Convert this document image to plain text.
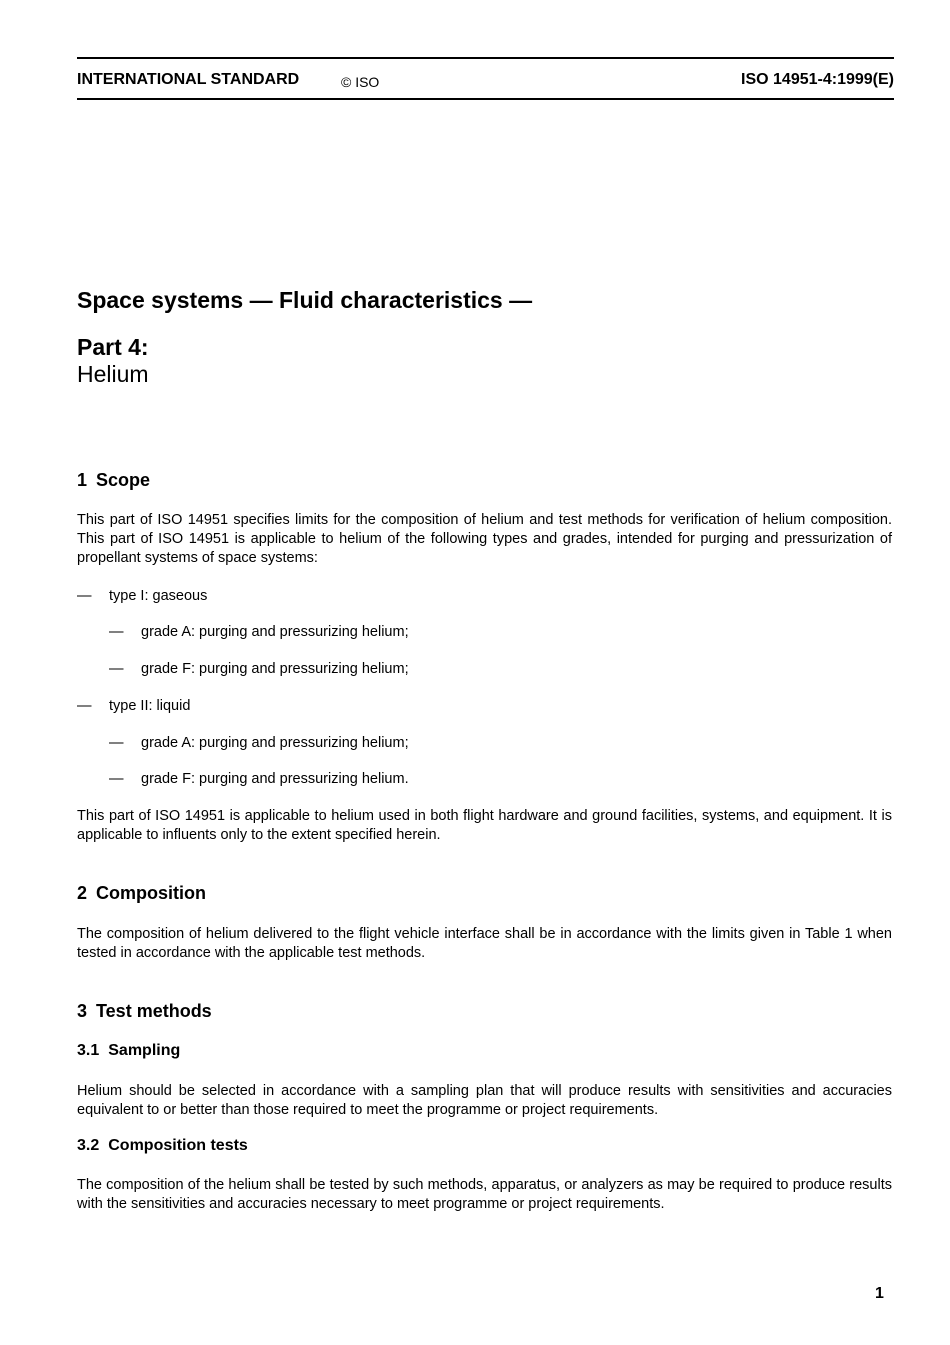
INTERNATIONAL STANDARD	© ISO	ISO 14951-4:1999(E)
Space systems — Fluid characteristics —
Part 4:
Helium
1 Scope
This part of ISO 14951 specifies limits for the composition of helium and test methods for verification of helium composition. This part of ISO 14951 is applicable to helium of the following types and grades, intended for purging and pressurization of propellant systems of space systems:
— type I: gaseous
— grade A: purging and pressurizing helium;
— grade F: purging and pressurizing helium;
— type II: liquid
— grade A: purging and pressurizing helium;
— grade F: purging and pressurizing helium.
This part of ISO 14951 is applicable to helium used in both flight hardware and ground facilities, systems, and equipment. It is applicable to influents only to the extent specified herein.
2 Composition
The composition of helium delivered to the flight vehicle interface shall be in accordance with the limits given in Table 1 when tested in accordance with the applicable test methods.
3 Test methods
3.1 Sampling
Helium should be selected in accordance with a sampling plan that will produce results with sensitivities and accuracies equivalent to or better than those required to meet the programme or project requirements.
3.2 Composition tests
The composition of the helium shall be tested by such methods, apparatus, or analyzers as may be required to produce results with the sensitivities and accuracies necessary to meet programme or project requirements.
1
